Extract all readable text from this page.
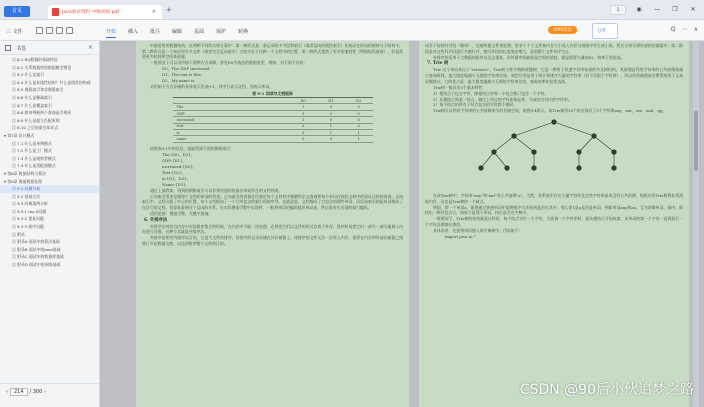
首页	Java面试资料-中级高级.pdf	× +	1	◉	—	❐	✕
三 文件	开始 插入 批注 编辑 页面 保护 转换	WPS会员	分享	Q ⋯ ∧
书签	×
目 6.1 NQ数据的基础特征
目 6.2 关系数据库的数据模型理论
目 6.3 什么是索引
目 6.4 什么是非线性结构？什么是线性结构或
目 6.5 聚簇索引和非聚簇索引
目 6.6 什么是稀疏索引
目 6.7 什么是覆盖索引
目 6.8 如何判断两个查询是否相同
目 6.9 什么是最左匹配原则
目 6.10 之后的索引知识点
▾ 第7章 设计模式
目 7.1 什么是单例模式
目 7.2 什么是工厂模式
目 7.3 什么是观察者模式
目 7.4 什么是适配器模式
▾ 第8章 数据结构与算法
▾ 第9章 海量数据处理
目 9.1 问题分析
目 9.2 基础方法
目 9.3 经典案例分析
目 9.3.1 top K问题
目 9.3.2 重复问题
目 9.3.3 排序问题
目 附录
目 附录A 面试中的算法基础
目 附录B 面试中的Java基础
目 附录C 面试中的数据库基础
目 附录D 面试中的网络基础
‹ 214 / 300 ›

中最常用的数据结构。在两种不同的实现方案中：第一种形式是一条记录的多字段和索引（或者反向的线性索引）比较而在形成的规律分子结构中，第二种形式是一个单词对应多文件（或者完全反向索引）又较为在于这种一个文档中的位置。第二种形式提供了更多的兼容性（例如短语查询），但是需要更多时间和空间来创建。

一般情况下可以采用如下两种方式求解，首先D0为表达的数据类型，例如，对于如下内容：

D0，The GDP increased.
D1，The text is this.
D2，My name is.

采用如下方式存储的具体表示见表9-1，其中行表示文档，列表示单词。

表 9-1 词项与文档矩阵
	D0	D1	D2
The	1	0	0
GDP	1	0	0
increased	1	0	0
text	0	1	0
is	0	1	1
name	0	0	1

按照表9-1中的信息，就能得到下面的倒排索引：

The:{D0，D2}，
GDP:{D1}，
increased:{D0}，
Text:{D2}，
is:{D2，D3}，
Name:{D3}。

通过上面我知，得到的倒排索引可以非常快速的检索出单词所在的文档列表。

正向索引用来存储每个文档的单词的列表。正向索引的查询往往满足每个文档有序频繁的全文查询和每个单词在校验文档中的验证这样的查询。正向索引中，文档占据了中心的位置，每个文档指向了一个它所包含的索引项的序列。也就是说，文档指向了它包含的那些单词，而反向索引则是单词指向了包含它的文档，很容易看到这个反向的关系。在实际搜索引擎中实现时，一般将单词的编码组织单词表，然后再对应出词的索引编码。

适用范围：搜索引擎，关键字查询。

6. 外排序法

外排序法对的当内存中实际排序集合的时候，在内存中不能一次处理，必须把它们以文件的形式存放于外存，排序时再把它们一部分一部分地调入内存进行处理。这种方式就是外排序法。

外排序是相对内排序而言的，它是大文件的排序，待排序的记录存储在外存储器上，待排序的文件无法一次装入内存，需要在内存和外部存储器之间进行多次数据交换，以达到排序整个文件的目的。

成若干短的归并段（顺串），也被叫做文件预处理；把若干个子文件按内存大小读入内存分别排序并生成小段，然后分别写到外部的存储器中；第二阶段是对这些归并段进行多趟归并，使归并段的长度逐步增大，直到整个文件有序为止。

外排序的适用于大数据的排序以及去重复，但外排序的缺陷是空间的消耗，就是需要大量的IO，效率不会很高。

7. Trie 树

Trie 这个单词来自于"retrieve"。Trie树又称字典树或键树，它是一种用于快速字符串检索的多叉树结构，其原理是利用字符串的公共前缀来减少查询时间，最大限度地减少无谓的字符串比较。典型应用是用于统计和排序大量的字符串（但不仅限于字符串），所以经常被搜索引擎系统用于文本词频统计。它的优点是：最大限度地减少无谓的字符串比较，查询效率比哈希表高。

Trie树一般具有3个基本特性：

1）根结点不包含字符，除根结点外每一个结点都只包含一个字符。

2）从根结点到某一结点，路径上经过的字符连接起来，为该结点对应的字符串。

3）每个结点的所有子结点包含的字符都不相同。

Trie树可以利用字符串的公共前缀来节约存储空间，如图9-4所示，该Trie树用10个结点保存了5个字符串any，ant，see，and，qq。

在该Trie树中，字符串"any"和"ant"有公共前缀"a"，当然，若系统中存在大量字符串且这些字符串基本没有公共前缀，则相应的Trie树将非常消耗内存，这也是Trie树的一个缺点。

例如，给一个单词a，如果通过快速单词中某种排序方法找到是否在其中，那么你1是a是否是单词，例如单词any和an，互为前缀单词。排序，即找出一种其包含它，如果不是那个单词，找出是否在字典中。

一般情况下，Trie树的结构就是这样的，每个结点对应一个字符，当查询一个字符串时，就从根结点开始检索，从单词的第一个字母一直到最后一个字母沿着路径查找。

具体来讲，先要将单词插入到字典树中，代码如下：

import java.io.*
CSDN @90后小伙追梦之路
